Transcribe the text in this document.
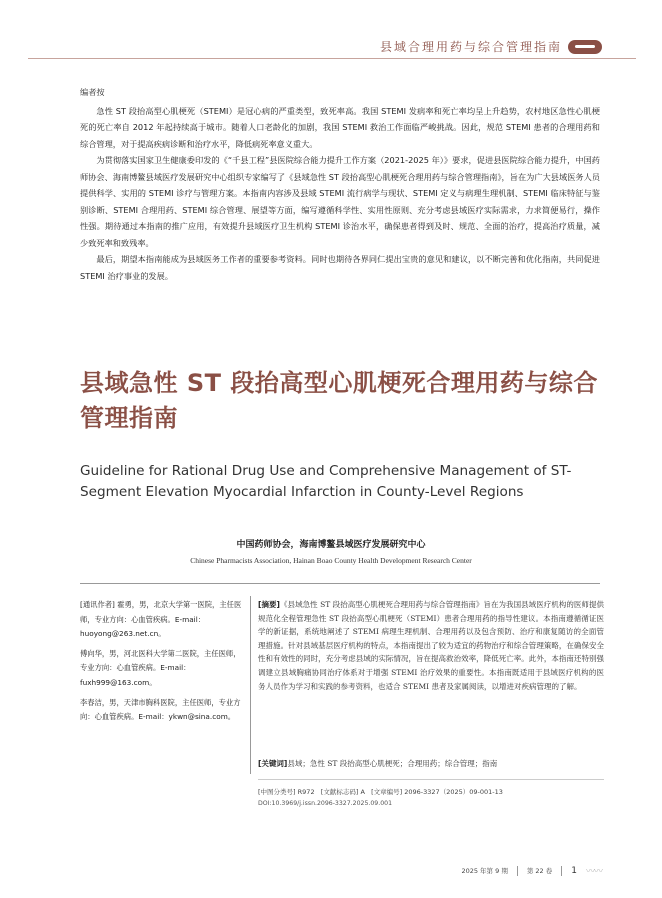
县域合理用药与综合管理指南

编者按

急性 ST 段抬高型心肌梗死（STEMI）是冠心病的严重类型，致死率高。我国 STEMI 发病率和死亡率均呈上升趋势，农村地区急性心肌梗死的死亡率自 2012 年起持续高于城市。随着人口老龄化的加剧，我国 STEMI 救治工作面临严峻挑战。因此，规范 STEMI 患者的合理用药和综合管理，对于提高疾病诊断和治疗水平，降低病死率意义重大。

为贯彻落实国家卫生健康委印发的《“千县工程”县医院综合能力提升工作方案（2021-2025 年）》要求，促进县医院综合能力提升，中国药师协会、海南博鳌县域医疗发展研究中心组织专家编写了《县域急性 ST 段抬高型心肌梗死合理用药与综合管理指南》，旨在为广大县域医务人员提供科学、实用的 STEMI 诊疗与管理方案。本指南内容涉及县域 STEMI 流行病学与现状、STEMI 定义与病理生理机制、STEMI 临床特征与鉴别诊断、STEMI 合理用药、STEMI 综合管理、展望等方面，编写遵循科学性、实用性原则、充分考虑县域医疗实际需求，力求简便易行，操作性强。期待通过本指南的推广应用，有效提升县域医疗卫生机构 STEMI 诊治水平，确保患者得到及时、规范、全面的治疗，提高治疗质量，减少致死率和致残率。

最后，期望本指南能成为县域医务工作者的重要参考资料。同时也期待各界同仁提出宝贵的意见和建议，以不断完善和优化指南，共同促进 STEMI 治疗事业的发展。

县域急性 ST 段抬高型心肌梗死合理用药与综合管理指南
Guideline for Rational Drug Use and Comprehensive Management of ST-Segment Elevation Myocardial Infarction in County-Level Regions
中国药师协会，海南博鳌县域医疗发展研究中心
Chinese Pharmacists Association, Hainan Boao County Health Development Research Center

[通讯作者] 霍勇，男，北京大学第一医院，主任医师，专业方向：心血管疾病。E-mail：huoyong@263.net.cn。

傅向华，男，河北医科大学第二医院，主任医师，专业方向：心血管疾病。E-mail：fuxh999@163.com。

李春洁，男，天津市胸科医院，主任医师，专业方向：心血管疾病。E-mail：ykwn@sina.com。

[摘要]《县域急性 ST 段抬高型心肌梗死合理用药与综合管理指南》旨在为我国县域医疗机构的医师提供规范化全程管理急性 ST 段抬高型心肌梗死（STEMI）患者合理用药的指导性建议。本指南遵循循证医学的新证据，系统地阐述了 STEMI 病理生理机制、合理用药以及包含预防、治疗和康复随访的全面管理措施。针对县域基层医疗机构的特点，本指南提出了较为适宜的药物治疗和综合管理策略，在确保安全性和有效性的同时，充分考虑县域的实际情况，旨在提高救治效率，降低死亡率。此外，本指南还特别强调建立县域胸痛协同治疗体系对于增强 STEMI 治疗效果的重要性。本指南既适用于县域医疗机构的医务人员作为学习和实践的参考资料，也适合 STEMI 患者及家属阅读，以增进对疾病管理的了解。
[关键词]县域；急性 ST 段抬高型心肌梗死；合理用药；综合管理；指南
[中图分类号] R972 [文献标志码] A [文章编号] 2096-3327（2025）09-001-13
DOI:10.3969/j.issn.2096-3327.2025.09.001
2025 年第 9 期	第 22 卷 1 〰〰
